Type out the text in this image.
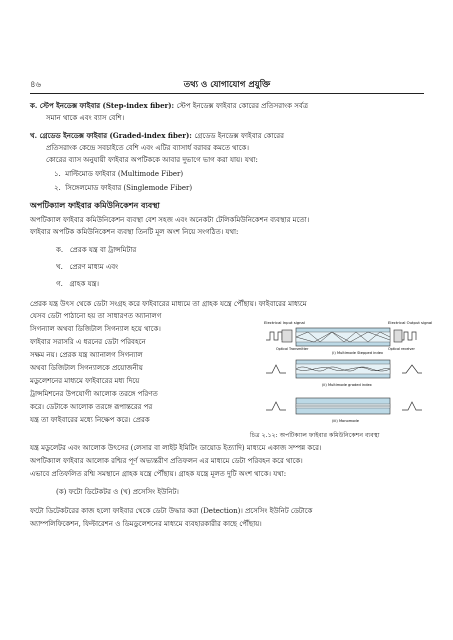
৪৬	তথ্য ও যোগাযোগ প্রযুক্তি
ক. স্টেপ ইনডেক্স ফাইবার (Step-index fiber): স্টেপ ইনডেক্স ফাইবার কোরের প্রতিসরাংক সর্বত্র
সমান থাকে এবং ব্যাস বেশি।
খ. গ্রেডেড ইনডেক্স ফাইবার (Graded-index fiber): গ্রেডেড ইনডেক্স ফাইবার কোরের
প্রতিসরাংক কেন্দ্রে সবচাইতে বেশি এবং এটির ব্যাসার্ধ বরাবর কমতে থাকে।
কোরের ব্যাস অনুযায়ী ফাইবার অপটিককে আবার দুভাগে ভাগ করা যায়। যথা:
১. মাল্টিমোড ফাইবার (Multimode Fiber)
২. সিঙ্গেলমোড ফাইবার (Singlemode Fiber)
অপটিক্যাল ফাইবার কমিউনিকেশন ব্যবস্থা
অপটিক্যাল ফাইবার কমিউনিকেশন ব্যবস্থা বেশ সহজ এবং অনেকটা টেলিকমিউনিকেশন ব্যবস্থার মতো।
ফাইবার অপটিক কমিউনিকেশন ব্যবস্থা তিনটি মূল অংশ নিয়ে সংগঠিত। যথা:
ক. প্রেরক যন্ত্র বা ট্রান্সমিটার
খ. প্রেরণ মাধ্যম এবং
গ. গ্রাহক যন্ত্র।
প্রেরক যন্ত্র উৎস থেকে ডেটা সংগ্রহ করে ফাইবারের মাধ্যমে তা গ্রাহক যন্ত্রে পৌঁছায়। ফাইবারের মাধ্যমে
যেসব ডেটা পাঠানো হয় তা সাধারণত অ্যানালগ
সিগন্যাল অথবা ডিজিটাল সিগন্যাল হয়ে থাকে।
ফাইবার সরাসরি এ ধরনের ডেটা পরিবহনে
সক্ষম নয়। প্রেরক যন্ত্র অ্যানালগ সিগন্যাল
অথবা ডিজিটাল সিগন্যালকে প্রয়োজনীয়
মডুলেশনের মাধ্যমে ফাইবারের মধ্য দিয়ে
ট্রান্সমিশনের উপযোগী আলোক তরঙ্গে পরিণত
করে। ডেটাকে আলোক তরঙ্গে রূপান্তরের পর
যন্ত্র তা ফাইবারের মধ্যে নিক্ষেপ করে। প্রেরক
Electrical Input signal	Electrical Output signal
Optical Transmitter	Optical receiver
(i) Multimode Stepped index
(ii) Multimode graded index
(iii) Monomode
চিত্র ২.১২: অপটিক্যাল ফাইবার কমিউনিকেশন ব্যবস্থা
যন্ত্র মডুলেটর এবং আলোক উৎসের (লেসার বা লাইট ইমিটিং ডায়োড ইত্যাদি) মাধ্যমে একাজ সম্পন্ন করে।
অপটিক্যাল ফাইবার আলোক রশ্মির পূর্ণ অভ্যন্তরীণ প্রতিফলন এর মাধ্যমে ডেটা পরিবহন করে থাকে।
এভাবে প্রতিফলিত রশ্মি সমস্থানে গ্রাহক যন্ত্রে পৌঁছায়। গ্রাহক যন্ত্রে মূলত দুটি অংশ থাকে। যথা:
(ক) ফটো ডিটেকটর ও (খ) প্রসেসিং ইউনিট।
ফটো ডিটেকটরের কাজ হলো ফাইবার থেকে ডেটা উদ্ধার করা (Detection)। প্রসেসিং ইউনিট ডেটাকে
অ্যাম্পলিফিকেশন, ফিল্টারেশন ও ডিমডুলেশনের মাধ্যমে ব্যবহারকারীর কাছে পৌঁছায়।
